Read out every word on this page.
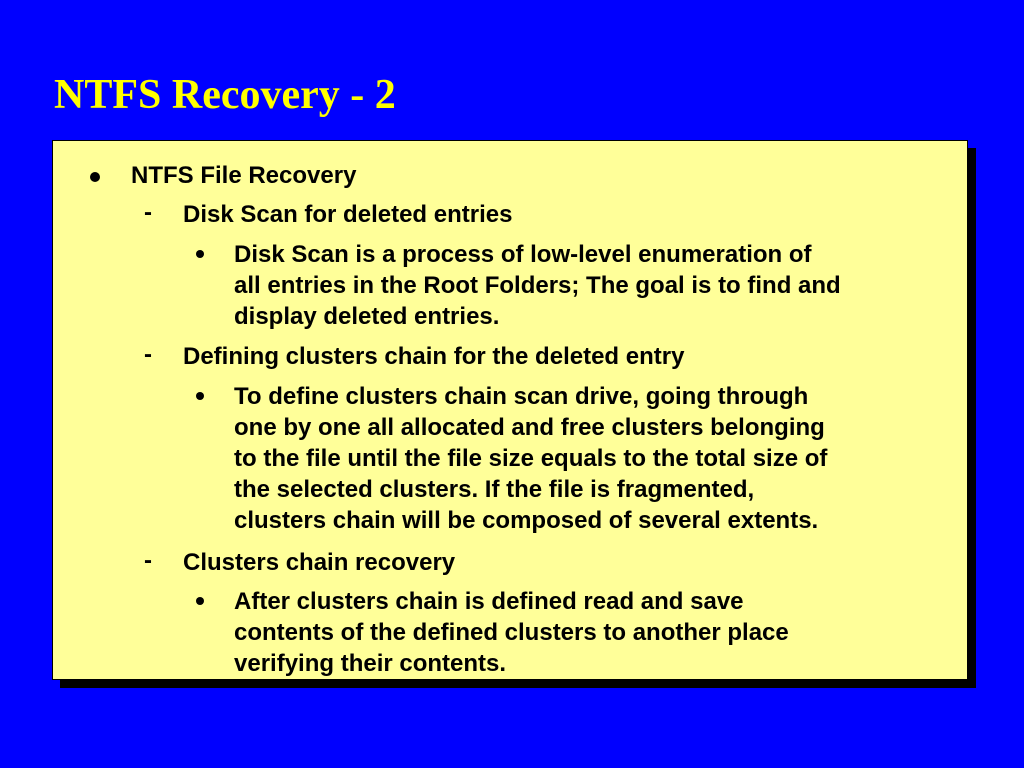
NTFS Recovery - 2
NTFS File Recovery
- Disk Scan for deleted entries
Disk Scan is a process of low-level enumeration of
all entries in the Root Folders; The goal is to find and
display deleted entries.
- Defining clusters chain for the deleted entry
To define clusters chain scan drive, going through
one by one all allocated and free clusters belonging
to the file until the file size equals to the total size of
the selected clusters. If the file is fragmented,
clusters chain will be composed of several extents.
- Clusters chain recovery
After clusters chain is defined read and save
contents of the defined clusters to another place
verifying their contents.
